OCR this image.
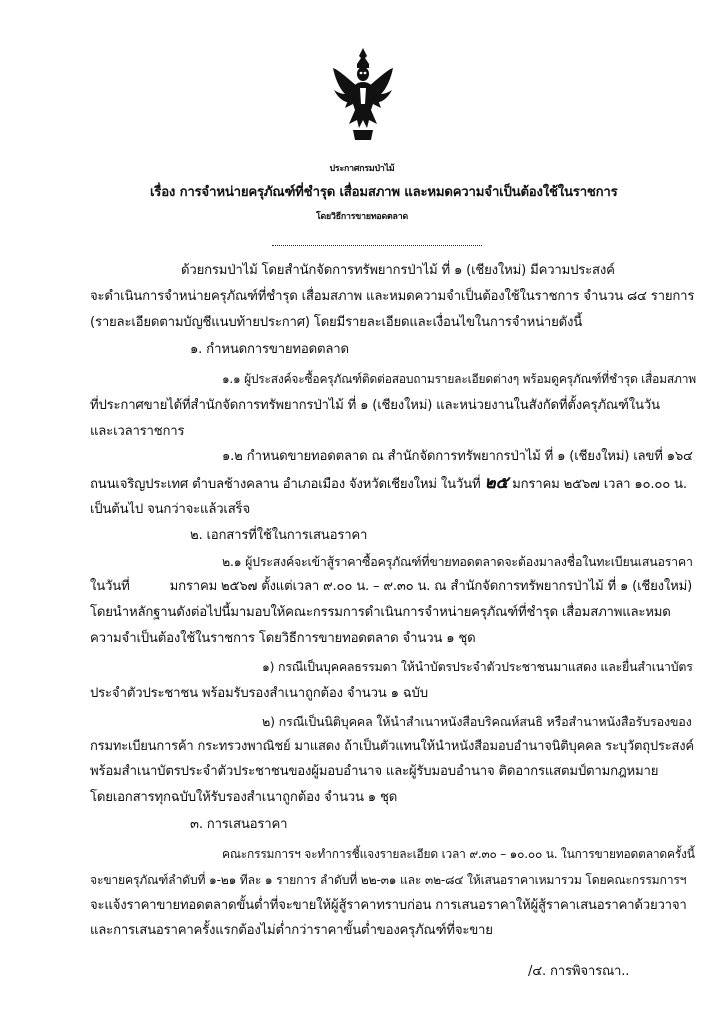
ประกาศกรมป่าไม้
เรื่อง การจำหน่ายครุภัณฑ์ที่ชำรุด เสื่อมสภาพ และหมดความจำเป็นต้องใช้ในราชการ
โดยวิธีการขายทอดตลาด
ด้วยกรมป่าไม้ โดยสำนักจัดการทรัพยากรป่าไม้ ที่ ๑ (เชียงใหม่) มีความประสงค์
จะดำเนินการจำหน่ายครุภัณฑ์ที่ชำรุด เสื่อมสภาพ และหมดความจำเป็นต้องใช้ในราชการ จำนวน ๘๔ รายการ
(รายละเอียดตามบัญชีแนบท้ายประกาศ) โดยมีรายละเอียดและเงื่อนไขในการจำหน่ายดังนี้
๑. กำหนดการขายทอดตลาด
๑.๑ ผู้ประสงค์จะซื้อครุภัณฑ์ติดต่อสอบถามรายละเอียดต่างๆ พร้อมดูครุภัณฑ์ที่ชำรุด เสื่อมสภาพ
ที่ประกาศขายได้ที่สำนักจัดการทรัพยากรป่าไม้ ที่ ๑ (เชียงใหม่) และหน่วยงานในสังกัดที่ตั้งครุภัณฑ์ในวัน
และเวลาราชการ
๑.๒ กำหนดขายทอดตลาด ณ สำนักจัดการทรัพยากรป่าไม้ ที่ ๑ (เชียงใหม่) เลขที่ ๑๖๔
ถนนเจริญประเทศ ตำบลช้างคลาน อำเภอเมือง จังหวัดเชียงใหม่ ในวันที่ ๒๕ มกราคม ๒๕๖๗ เวลา ๑๐.๐๐ น.
เป็นต้นไป จนกว่าจะแล้วเสร็จ
๒. เอกสารที่ใช้ในการเสนอราคา
๒.๑ ผู้ประสงค์จะเข้าสู้ราคาซื้อครุภัณฑ์ที่ขายทอดตลาดจะต้องมาลงชื่อในทะเบียนเสนอราคา
ในวันที่	มกราคม ๒๕๖๗ ตั้งแต่เวลา ๙.๐๐ น. – ๙.๓๐ น. ณ สำนักจัดการทรัพยากรป่าไม้ ที่ ๑ (เชียงใหม่)
โดยนำหลักฐานดังต่อไปนี้มามอบให้คณะกรรมการดำเนินการจำหน่ายครุภัณฑ์ที่ชำรุด เสื่อมสภาพและหมด
ความจำเป็นต้องใช้ในราชการ โดยวิธีการขายทอดตลาด จำนวน ๑ ชุด
๑) กรณีเป็นบุคคลธรรมดา ให้นำบัตรประจำตัวประชาชนมาแสดง และยื่นสำเนาบัตร
ประจำตัวประชาชน พร้อมรับรองสำเนาถูกต้อง จำนวน ๑ ฉบับ
๒) กรณีเป็นนิติบุคคล ให้นำสำเนาหนังสือบริคณห์สนธิ หรือสำนาหนังสือรับรองของ
กรมทะเบียนการค้า กระทรวงพาณิชย์ มาแสดง ถ้าเป็นตัวแทนให้นำหนังสือมอบอำนาจนิติบุคคล ระบุวัตถุประสงค์
พร้อมสำเนาบัตรประจำตัวประชาชนของผู้มอบอำนาจ และผู้รับมอบอำนาจ ติดอากรแสตมป์ตามกฎหมาย
โดยเอกสารทุกฉบับให้รับรองสำเนาถูกต้อง จำนวน ๑ ชุด
๓. การเสนอราคา
คณะกรรมการฯ จะทำการชี้แจงรายละเอียด เวลา ๙.๓๐ – ๑๐.๐๐ น. ในการขายทอดตลาดครั้งนี้
จะขายครุภัณฑ์ลำดับที่ ๑-๒๑ ทีละ ๑ รายการ ลำดับที่ ๒๒-๓๑ และ ๓๒-๘๔ ให้เสนอราคาเหมารวม โดยคณะกรรมการฯ
จะแจ้งราคาขายทอดตลาดขั้นต่ำที่จะขายให้ผู้สู้ราคาทราบก่อน การเสนอราคาให้ผู้สู้ราคาเสนอราคาด้วยวาจา
และการเสนอราคาครั้งแรกต้องไม่ต่ำกว่าราคาขั้นต่ำของครุภัณฑ์ที่จะขาย
/๔. การพิจารณา..
